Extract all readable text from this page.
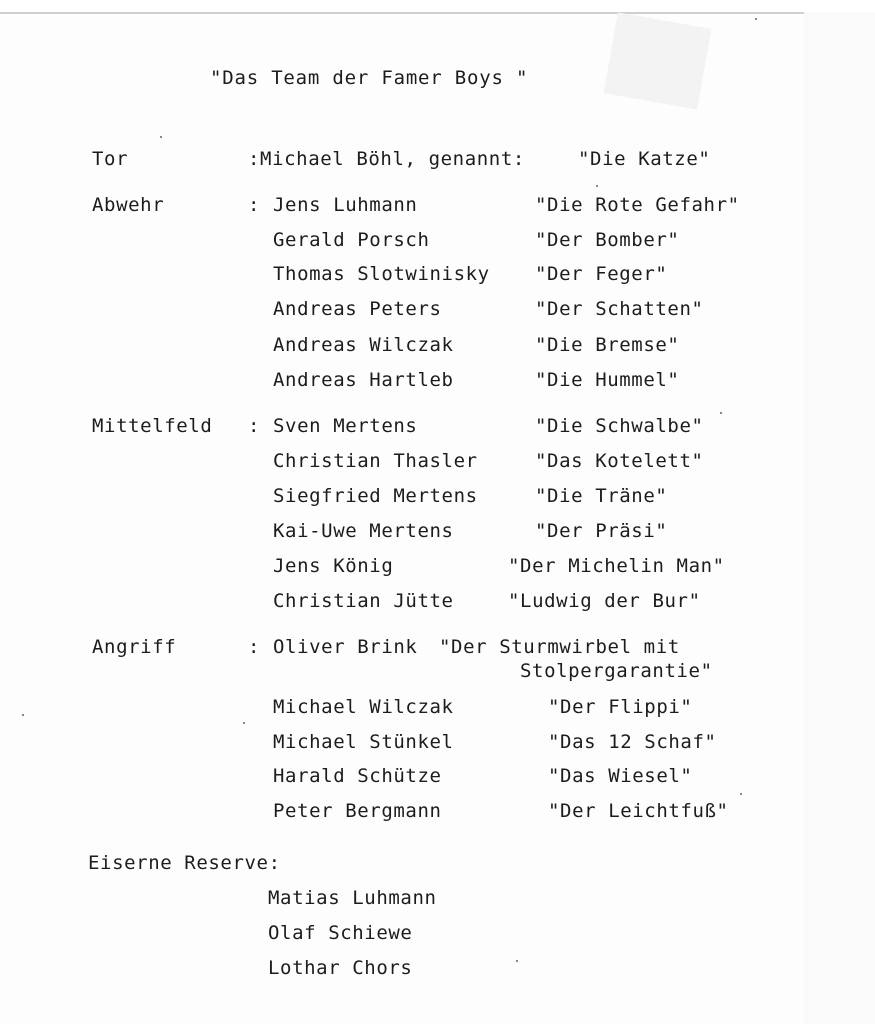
"Das Team der Famer Boys "
Tor	:Michael Böhl, genannt:	"Die Katze"
Abwehr	: Jens Luhmann	"Die Rote Gefahr"
Gerald Porsch	"Der Bomber"
Thomas Slotwinisky "Der Feger"
Andreas Peters	"Der Schatten"
Andreas Wilczak	"Die Bremse"
Andreas Hartleb	"Die Hummel"
Mittelfeld : Sven Mertens	"Die Schwalbe"
Christian Thasler	"Das Kotelett"
Siegfried Mertens	"Die Träne"
Kai-Uwe Mertens	"Der Präsi"
Jens König	"Der Michelin Man"
Christian Jütte	"Ludwig der Bur"
Angriff	: Oliver Brink "Der Sturmwirbel mit
Stolpergarantie"
Michael Wilczak	"Der Flippi"
Michael Stünkel	"Das 12 Schaf"
Harald Schütze	"Das Wiesel"
Peter Bergmann	"Der Leichtfuß"
Eiserne Reserve:
Matias Luhmann
Olaf Schiewe
Lothar Chors
